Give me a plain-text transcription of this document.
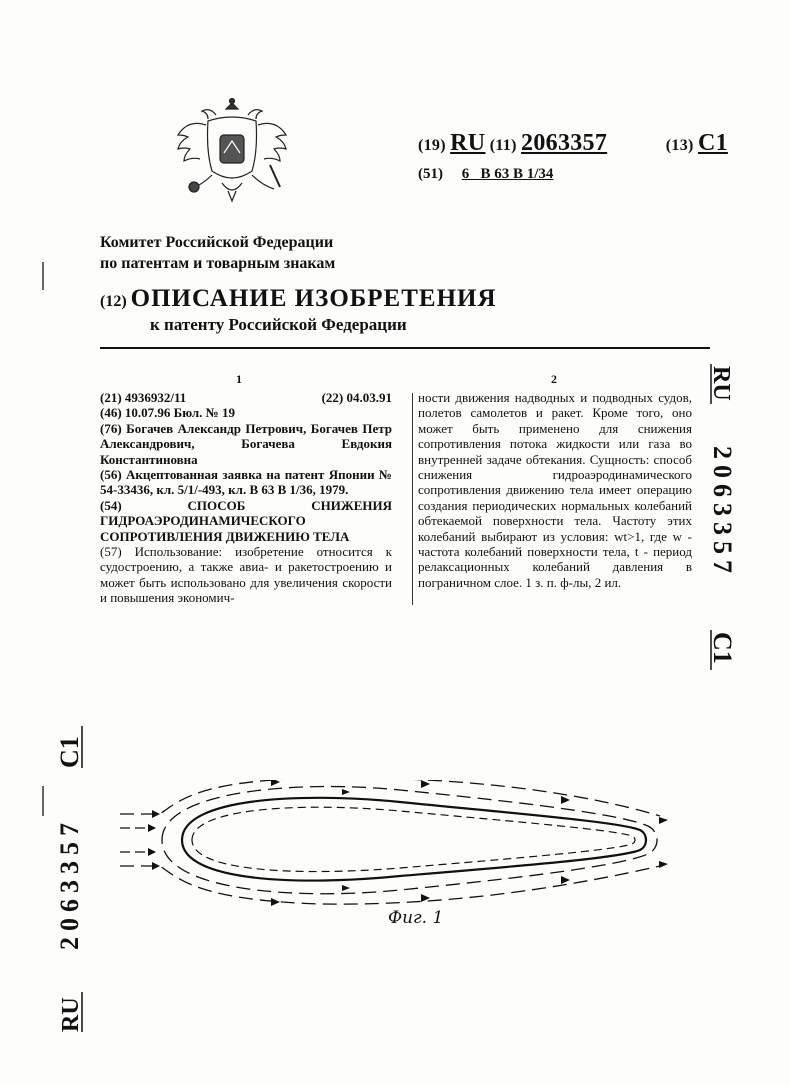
(19) RU (11) 2063357	(13) C1
(51) 6   B 63 B 1/34
Комитет Российской Федерации
по патентам и товарным знакам
(12) ОПИСАНИЕ ИЗОБРЕТЕНИЯ
к патенту Российской Федерации
1	2
(21) 4936932/11	(22) 04.03.91

(46) 10.07.96 Бюл. № 19

(76) Богачев Александр Петрович, Богачев Петр Александрович, Богачева Евдокия Константиновна

(56) Акцептованная заявка на патент Японии № 54-33436, кл. 5/1/-493, кл. В 63 В 1/36, 1979.

(54) СПОСОБ СНИЖЕНИЯ ГИДРОАЭРОДИНАМИЧЕСКОГО СОПРОТИВЛЕНИЯ ДВИЖЕНИЮ ТЕЛА

(57) Использование: изобретение относится к судостроению, а также авиа- и ракетостроению и может быть использовано для увеличения скорости и повышения экономич-

ности движения надводных и подводных судов, полетов самолетов и ракет. Кроме того, оно может быть применено для снижения сопротивления потока жидкости или газа во внутренней задаче обтекания. Сущность: способ снижения гидроаэродинамического сопротивления движению тела имеет операцию создания периодических нормальных колебаний обтекаемой поверхности тела. Частоту этих колебаний выбирают из условия: wt>1, где w - частота колебаний поверхности тела, t - период релаксационных колебаний давления в пограничном слое. 1 з. п. ф-лы, 2 ил.

RU
2063357
C1
C1
2063357
RU
Фиг. 1
